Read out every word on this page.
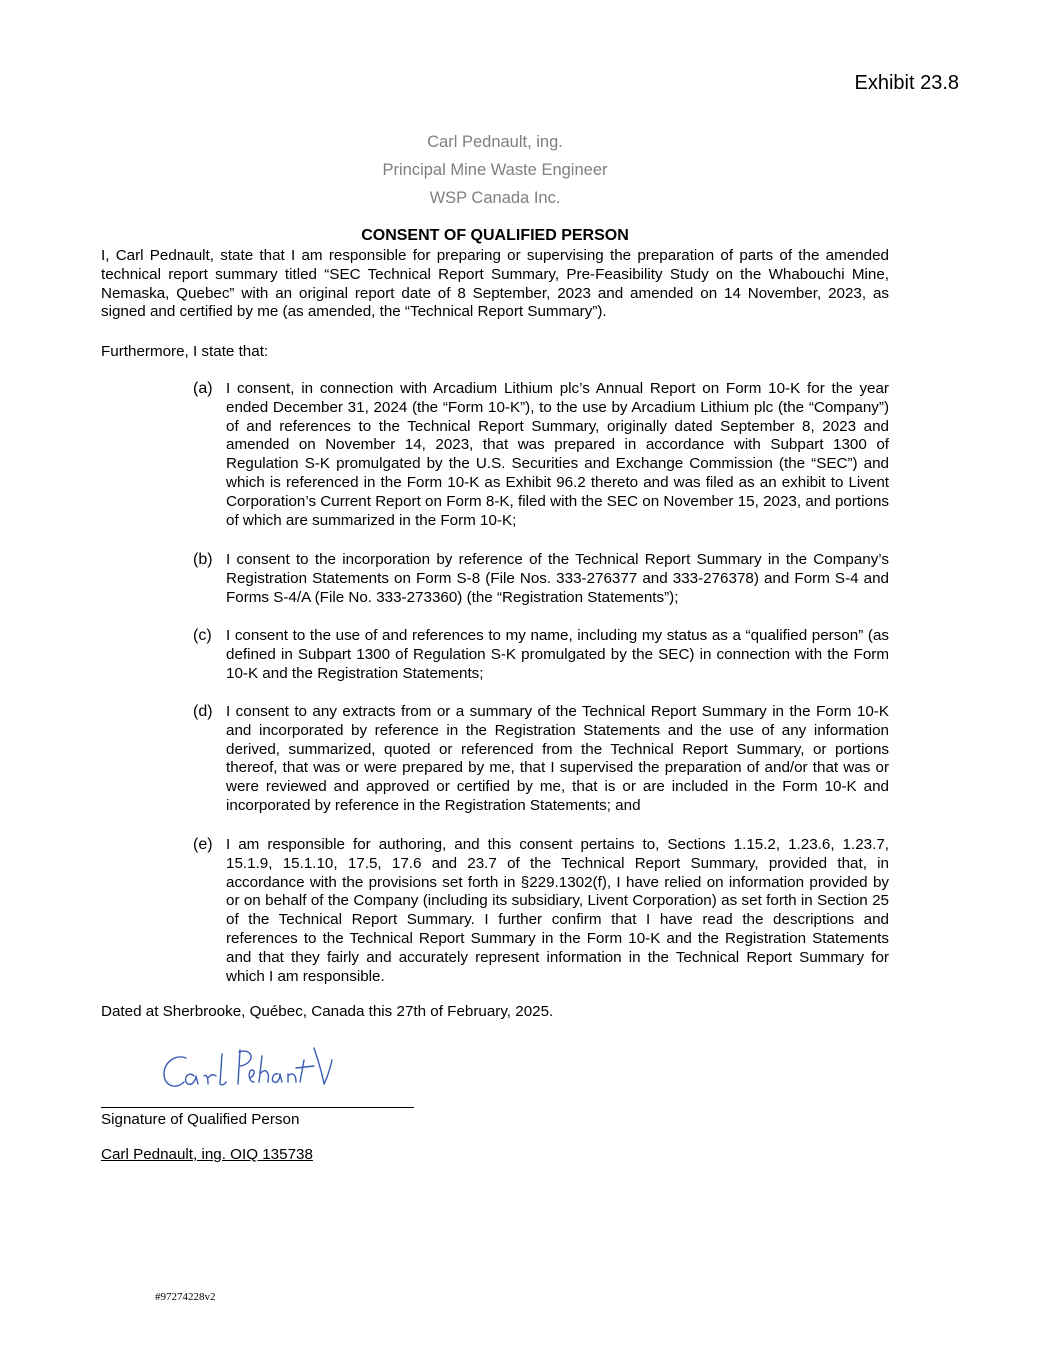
Exhibit 23.8
Carl Pednault, ing.
Principal Mine Waste Engineer
WSP Canada Inc.
CONSENT OF QUALIFIED PERSON
I, Carl Pednault, state that I am responsible for preparing or supervising the preparation of parts of the amended technical report summary titled “SEC Technical Report Summary, Pre-Feasibility Study on the Whabouchi Mine, Nemaska, Quebec” with an original report date of 8 September, 2023 and amended on 14 November, 2023, as signed and certified by me (as amended, the “Technical Report Summary”).
Furthermore, I state that:
(a) I consent, in connection with Arcadium Lithium plc’s Annual Report on Form 10-K for the year ended December 31, 2024 (the “Form 10-K”), to the use by Arcadium Lithium plc (the “Company”) of and references to the Technical Report Summary, originally dated September 8, 2023 and amended on November 14, 2023, that was prepared in accordance with Subpart 1300 of Regulation S-K promulgated by the U.S. Securities and Exchange Commission (the “SEC”) and which is referenced in the Form 10-K as Exhibit 96.2 thereto and was filed as an exhibit to Livent Corporation’s Current Report on Form 8-K, filed with the SEC on November 15, 2023, and portions of which are summarized in the Form 10-K;
(b) I consent to the incorporation by reference of the Technical Report Summary in the Company’s Registration Statements on Form S-8 (File Nos. 333-276377 and 333-276378) and Form S-4 and Forms S-4/A (File No. 333-273360) (the “Registration Statements”);
(c) I consent to the use of and references to my name, including my status as a “qualified person” (as defined in Subpart 1300 of Regulation S-K promulgated by the SEC) in connection with the Form 10-K and the Registration Statements;
(d) I consent to any extracts from or a summary of the Technical Report Summary in the Form 10-K and incorporated by reference in the Registration Statements and the use of any information derived, summarized, quoted or referenced from the Technical Report Summary, or portions thereof, that was or were prepared by me, that I supervised the preparation of and/or that was or were reviewed and approved or certified by me, that is or are included in the Form 10-K and incorporated by reference in the Registration Statements; and
(e) I am responsible for authoring, and this consent pertains to, Sections 1.15.2, 1.23.6, 1.23.7, 15.1.9, 15.1.10, 17.5, 17.6 and 23.7 of the Technical Report Summary, provided that, in accordance with the provisions set forth in §229.1302(f), I have relied on information provided by or on behalf of the Company (including its subsidiary, Livent Corporation) as set forth in Section 25 of the Technical Report Summary. I further confirm that I have read the descriptions and references to the Technical Report Summary in the Form 10-K and the Registration Statements and that they fairly and accurately represent information in the Technical Report Summary for which I am responsible.
Dated at Sherbrooke, Québec, Canada this 27th of February, 2025.
Signature of Qualified Person
Carl Pednault, ing. OIQ 135738
#97274228v2
